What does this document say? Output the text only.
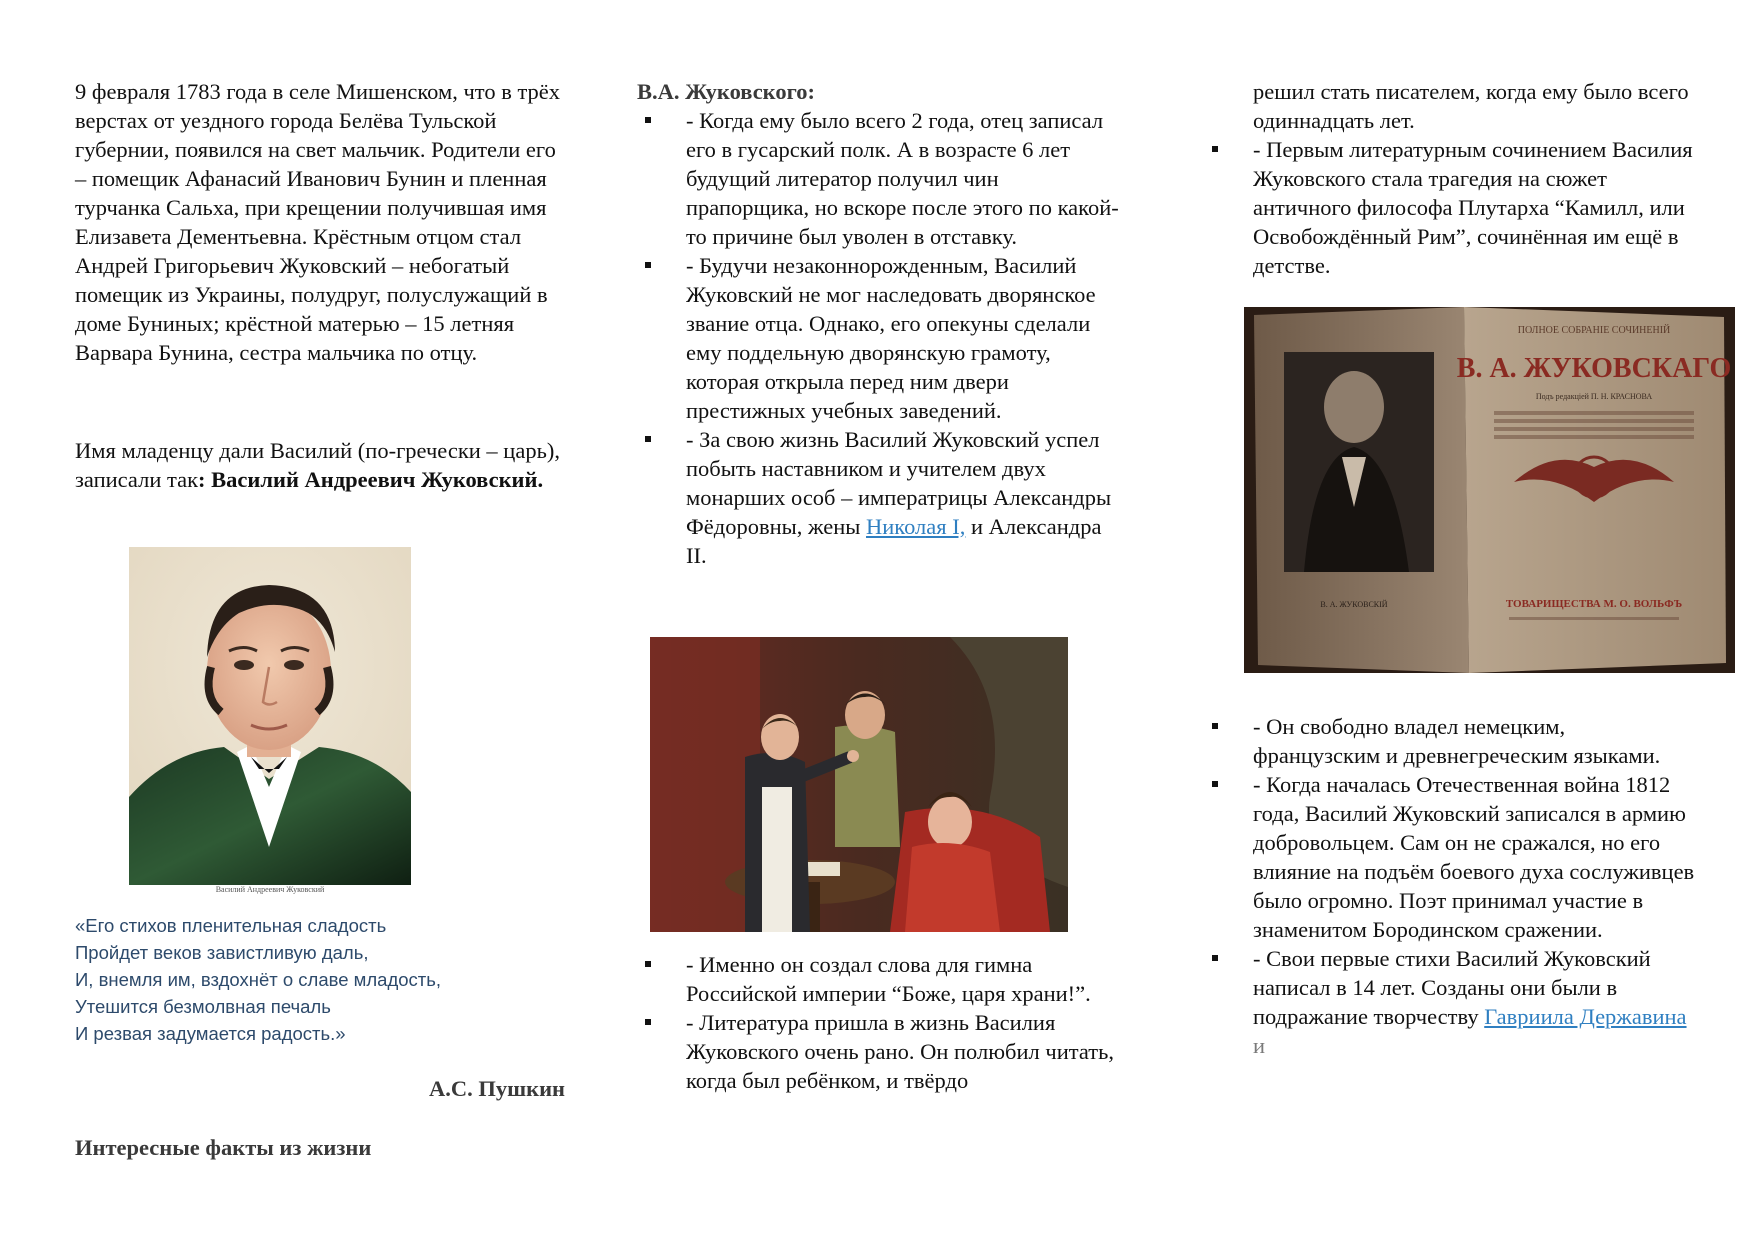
9 февраля 1783 года в селе Мишенском, что в трёх верстах от уездного города Белёва Тульской губернии, появился на свет мальчик. Родители его – помещик Афанасий Иванович Бунин и пленная турчанка Сальха, при крещении получившая имя Елизавета Дементьевна. Крёстным отцом стал Андрей Григорьевич Жуковский – небогатый помещик из Украины, полудруг, полуслужащий в доме Буниных; крёстной матерью – 15 летняя Варвара Бунина, сестра мальчика по отцу.

Имя младенцу дали Василий (по-гречески – царь), записали так: Василий Андреевич Жуковский.

Василий Андреевич Жуковский
«Его стихов пленительная сладость
Пройдет веков завистливую даль,
И, внемля им, вздохнёт о славе младость,
Утешится безмолвная печаль
И резвая задумается радость.»

А.С. Пушкин

Интересные факты из жизни

В.А. Жуковского:

- Когда ему было всего 2 года, отец записал его в гусарский полк. А в возрасте 6 лет будущий литератор получил чин прапорщика, но вскоре после этого по какой-то причине был уволен в отставку.
- Будучи незаконнорожденным, Василий Жуковский не мог наследовать дворянское звание отца. Однако, его опекуны сделали ему поддельную дворянскую грамоту, которая открыла перед ним двери престижных учебных заведений.
- За свою жизнь Василий Жуковский успел побыть наставником и учителем двух монарших особ – императрицы Александры Фёдоровны, жены Николая I, и Александра II.
- Именно он создал слова для гимна Российской империи “Боже, царя храни!”.
- Литература пришла в жизнь Василия Жуковского очень рано. Он полюбил читать, когда был ребёнком, и твёрдо

решил стать писателем, когда ему было всего одиннадцать лет.

- Первым литературным сочинением Василия Жуковского стала трагедия на сюжет античного философа Плутарха “Камилл, или Освобождённый Рим”, сочинённая им ещё в детстве.
ПОЛНОЕ СОБРАНІЕ СОЧИНЕНІЙ
В. А. ЖУКОВСКАГО
Подъ редакціей П. Н. КРАСНОВА
В. А. ЖУКОВСКІЙ	ТОВАРИЩЕСТВА М. О. ВОЛЬФЪ
- Он свободно владел немецким, французским и древнегреческим языками.
- Когда началась Отечественная война 1812 года, Василий Жуковский записался в армию добровольцем. Сам он не сражался, но его влияние на подъём боевого духа сослуживцев было огромно. Поэт принимал участие в знаменитом Бородинском сражении.
- Свои первые стихи Василий Жуковский написал в 14 лет. Созданы они были в подражание творчеству Гавриила Державина и
